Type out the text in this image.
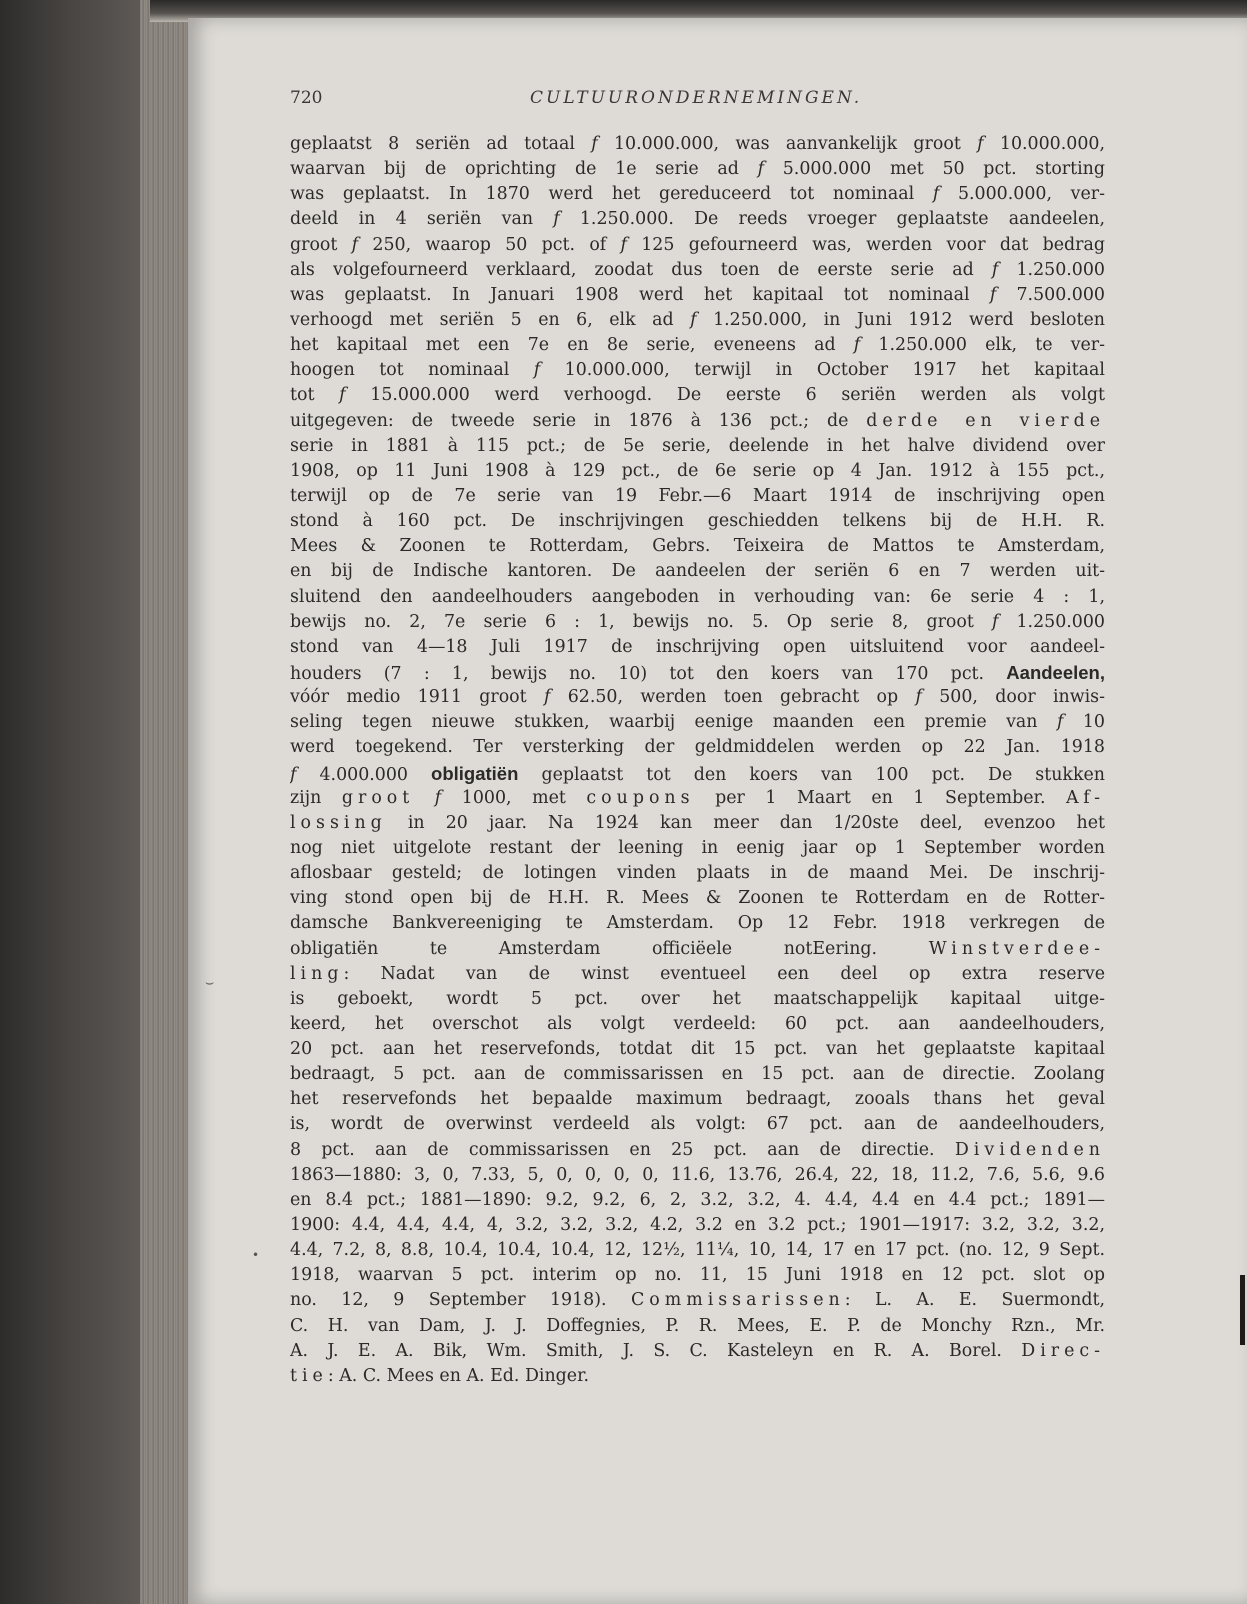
720	CULTUURONDERNEMINGEN.
geplaatst 8 seriën ad totaal f 10.000.000, was aanvankelijk groot f 10.000.000,
waarvan bij de oprichting de 1e serie ad f 5.000.000 met 50 pct. storting
was geplaatst. In 1870 werd het gereduceerd tot nominaal f 5.000.000, ver-
deeld in 4 seriën van f 1.250.000. De reeds vroeger geplaatste aandeelen,
groot f 250, waarop 50 pct. of f 125 gefourneerd was, werden voor dat bedrag
als volgefourneerd verklaard, zoodat dus toen de eerste serie ad f 1.250.000
was geplaatst. In Januari 1908 werd het kapitaal tot nominaal f 7.500.000
verhoogd met seriën 5 en 6, elk ad f 1.250.000, in Juni 1912 werd besloten
het kapitaal met een 7e en 8e serie, eveneens ad f 1.250.000 elk, te ver-
hoogen tot nominaal f 10.000.000, terwijl in October 1917 het kapitaal
tot f 15.000.000 werd verhoogd. De eerste 6 seriën werden als volgt
uitgegeven: de tweede serie in 1876 à 136 pct.; de derde en vierde
serie in 1881 à 115 pct.; de 5e serie, deelende in het halve dividend over
1908, op 11 Juni 1908 à 129 pct., de 6e serie op 4 Jan. 1912 à 155 pct.,
terwijl op de 7e serie van 19 Febr.—6 Maart 1914 de inschrijving open
stond à 160 pct. De inschrijvingen geschiedden telkens bij de H.H. R.
Mees & Zoonen te Rotterdam, Gebrs. Teixeira de Mattos te Amsterdam,
en bij de Indische kantoren. De aandeelen der seriën 6 en 7 werden uit-
sluitend den aandeelhouders aangeboden in verhouding van: 6e serie 4 : 1,
bewijs no. 2, 7e serie 6 : 1, bewijs no. 5. Op serie 8, groot f 1.250.000
stond van 4—18 Juli 1917 de inschrijving open uitsluitend voor aandeel-
houders (7 : 1, bewijs no. 10) tot den koers van 170 pct. Aandeelen,
vóór medio 1911 groot f 62.50, werden toen gebracht op f 500, door inwis-
seling tegen nieuwe stukken, waarbij eenige maanden een premie van f 10
werd toegekend. Ter versterking der geldmiddelen werden op 22 Jan. 1918
f 4.000.000 obligatiën geplaatst tot den koers van 100 pct. De stukken
zijn groot f 1000, met coupons per 1 Maart en 1 September. Af-
lossing in 20 jaar. Na 1924 kan meer dan 1/20ste deel, evenzoo het
nog niet uitgelote restant der leening in eenig jaar op 1 September worden
aflosbaar gesteld; de lotingen vinden plaats in de maand Mei. De inschrij-
ving stond open bij de H.H. R. Mees & Zoonen te Rotterdam en de Rotter-
damsche Bankvereeniging te Amsterdam. Op 12 Febr. 1918 verkregen de
obligatiën te Amsterdam officiëele notEering. Winstverdee-
ling: Nadat van de winst eventueel een deel op extra reserve
is geboekt, wordt 5 pct. over het maatschappelijk kapitaal uitge-
keerd, het overschot als volgt verdeeld: 60 pct. aan aandeelhouders,
20 pct. aan het reservefonds, totdat dit 15 pct. van het geplaatste kapitaal
bedraagt, 5 pct. aan de commissarissen en 15 pct. aan de directie. Zoolang
het reservefonds het bepaalde maximum bedraagt, zooals thans het geval
is, wordt de overwinst verdeeld als volgt: 67 pct. aan de aandeelhouders,
8 pct. aan de commissarissen en 25 pct. aan de directie. Dividenden
1863—1880: 3, 0, 7.33, 5, 0, 0, 0, 0, 11.6, 13.76, 26.4, 22, 18, 11.2, 7.6, 5.6, 9.6
en 8.4 pct.; 1881—1890: 9.2, 9.2, 6, 2, 3.2, 3.2, 4. 4.4, 4.4 en 4.4 pct.; 1891—
1900: 4.4, 4.4, 4.4, 4, 3.2, 3.2, 3.2, 4.2, 3.2 en 3.2 pct.; 1901—1917: 3.2, 3.2, 3.2,
4.4, 7.2, 8, 8.8, 10.4, 10.4, 10.4, 12, 12½, 11¼, 10, 14, 17 en 17 pct. (no. 12, 9 Sept.
1918, waarvan 5 pct. interim op no. 11, 15 Juni 1918 en 12 pct. slot op
no. 12, 9 September 1918). Commissarissen: L. A. E. Suermondt,
C. H. van Dam, J. J. Doffegnies, P. R. Mees, E. P. de Monchy Rzn., Mr.
A. J. E. A. Bik, Wm. Smith, J. S. C. Kasteleyn en R. A. Borel. Direc-
tie: A. C. Mees en A. Ed. Dinger.
⌣
•
